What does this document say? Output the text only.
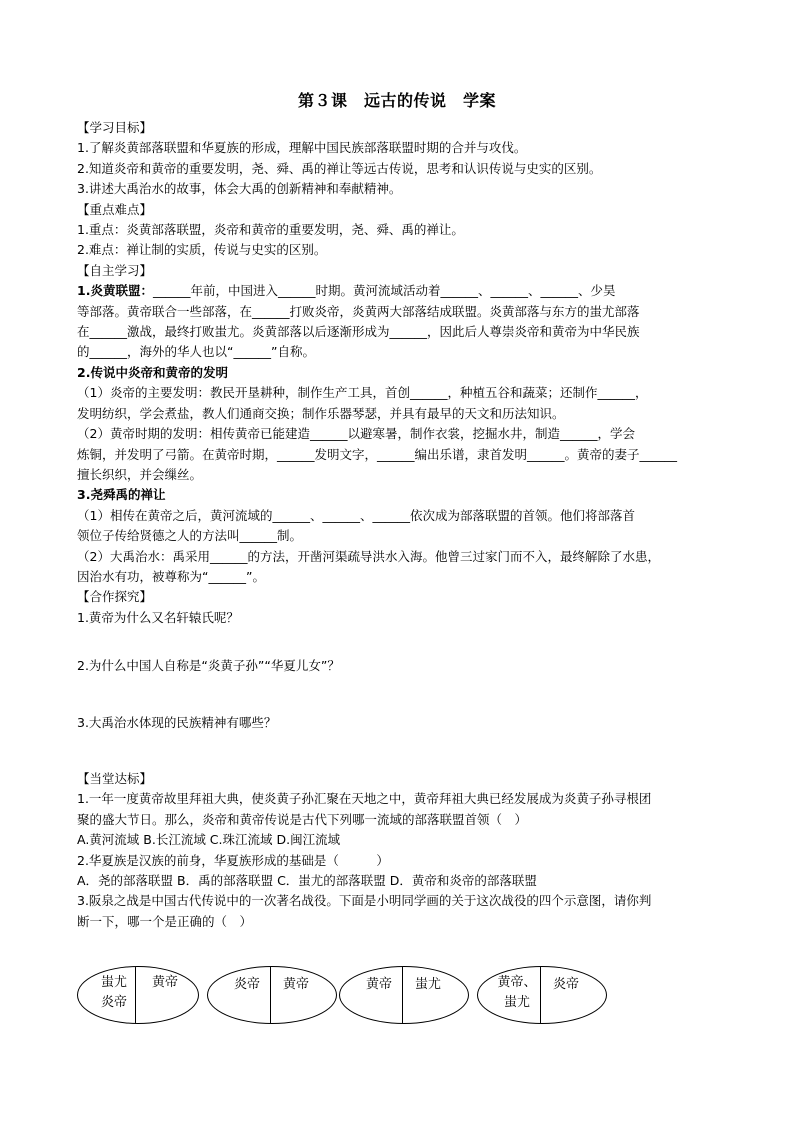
第３课　远古的传说　学案
【学习目标】
1.了解炎黄部落联盟和华夏族的形成，理解中国民族部落联盟时期的合并与攻伐。
2.知道炎帝和黄帝的重要发明，尧、舜、禹的禅让等远古传说，思考和认识传说与史实的区别。
3.讲述大禹治水的故事，体会大禹的创新精神和奉献精神。
【重点难点】
1.重点：炎黄部落联盟，炎帝和黄帝的重要发明，尧、舜、禹的禅让。
2.难点：禅让制的实质，传说与史实的区别。
【自主学习】
1.炎黄联盟：______年前，中国进入______时期。黄河流域活动着______、______、______、少昊
等部落。黄帝联合一些部落，在______打败炎帝，炎黄两大部落结成联盟。炎黄部落与东方的蚩尤部落
在______激战，最终打败蚩尤。炎黄部落以后逐渐形成为______，因此后人尊崇炎帝和黄帝为中华民族
的______，海外的华人也以“______”自称。
2.传说中炎帝和黄帝的发明
（1）炎帝的主要发明：教民开垦耕种，制作生产工具，首创______，种植五谷和蔬菜；还制作______，
发明纺织，学会煮盐，教人们通商交换；制作乐器琴瑟，并具有最早的天文和历法知识。
（2）黄帝时期的发明：相传黄帝已能建造______以避寒暑，制作衣裳，挖掘水井，制造______，学会
炼铜，并发明了弓箭。在黄帝时期，______发明文字，______编出乐谱，隶首发明______。黄帝的妻子______
擅长织织，并会缫丝。
3.尧舜禹的禅让
（1）相传在黄帝之后，黄河流域的______、______、______依次成为部落联盟的首领。他们将部落首
领位子传给贤德之人的方法叫______制。
（2）大禹治水：禹采用______的方法，开凿河渠疏导洪水入海。他曾三过家门而不入，最终解除了水患，
因治水有功，被尊称为“______”。
【合作探究】
1.黄帝为什么又名轩辕氏呢？
2.为什么中国人自称是“炎黄子孙”“华夏儿女”？
3.大禹治水体现的民族精神有哪些？
【当堂达标】
1.一年一度黄帝故里拜祖大典，使炎黄子孙汇聚在天地之中，黄帝拜祖大典已经发展成为炎黄子孙寻根团
聚的盛大节日。那么，炎帝和黄帝传说是古代下列哪一流域的部落联盟首领（　）
A.黄河流域 B.长江流域 C.珠江流域 D.闽江流域
2.华夏族是汉族的前身，华夏族形成的基础是（　　　）
A．尧的部落联盟 B．禹的部落联盟 C．蚩尤的部落联盟 D．黄帝和炎帝的部落联盟
3.阪泉之战是中国古代传说中的一次著名战役。下面是小明同学画的关于这次战役的四个示意图，请你判
断一下，哪一个是正确的（　）
蚩尤
炎帝
黄帝	炎帝	黄帝	黄帝	蚩尤	黄帝、
蚩尤
炎帝
